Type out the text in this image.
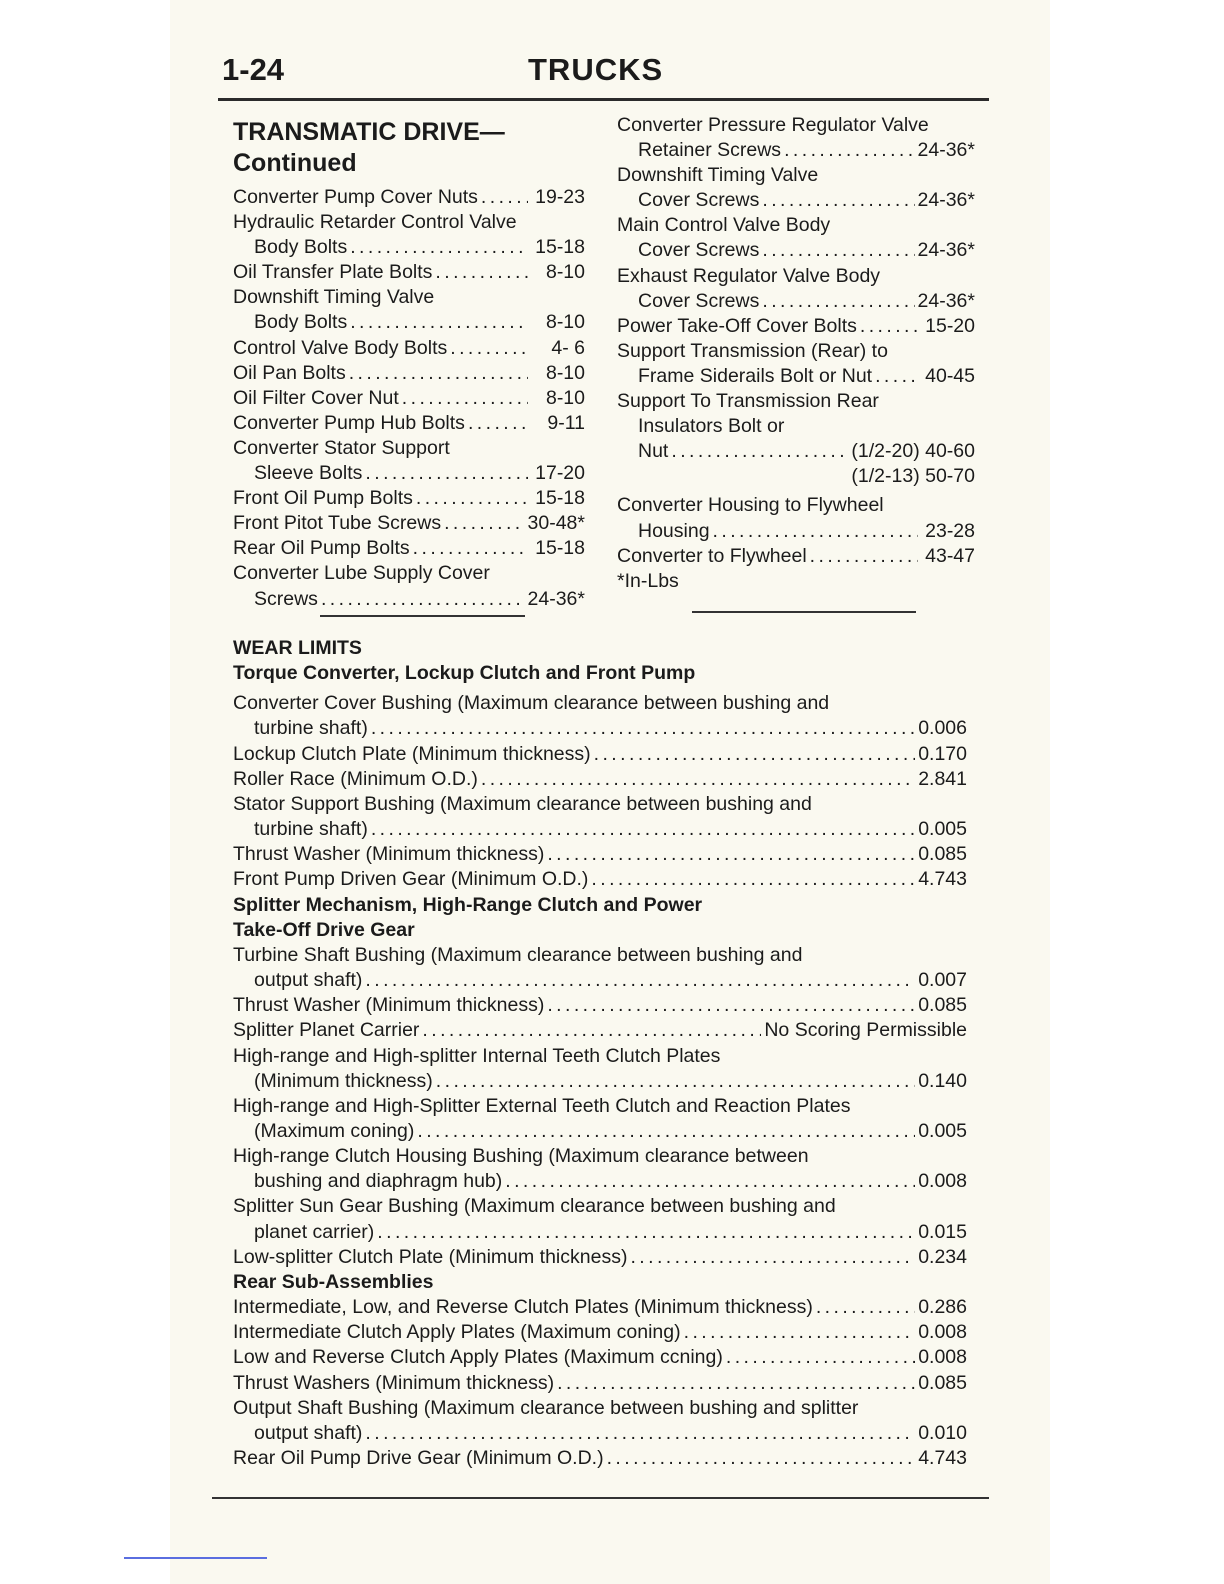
1-24	TRUCKS
TRANSMATIC DRIVE—
Continued
Converter Pump Cover Nuts . . .	19-23
Hydraulic Retarder Control Valve
Body Bolts . . .	15-18
Oil Transfer Plate Bolts . . .	8-10
Downshift Timing Valve
Body Bolts . . .	8-10
Control Valve Body Bolts . . .	4- 6
Oil Pan Bolts . . .	8-10
Oil Filter Cover Nut . . .	8-10
Converter Pump Hub Bolts . . .	9-11
Converter Stator Support
Sleeve Bolts . . .	17-20
Front Oil Pump Bolts . . .	15-18
Front Pitot Tube Screws . . .	30-48*
Rear Oil Pump Bolts . . .	15-18
Converter Lube Supply Cover
Screws . . .	24-36*
Converter Pressure Regulator Valve
Retainer Screws . . .	24-36*
Downshift Timing Valve
Cover Screws . . .	24-36*
Main Control Valve Body
Cover Screws . . .	24-36*
Exhaust Regulator Valve Body
Cover Screws . . .	24-36*
Power Take-Off Cover Bolts . . .	15-20
Support Transmission (Rear) to
Frame Siderails Bolt or Nut . . .	40-45
Support To Transmission Rear
Insulators Bolt or
Nut . . .	(1/2-20) 40-60
(1/2-13) 50-70
Converter Housing to Flywheel
Housing . . .	23-28
Converter to Flywheel . . .	43-47
*In-Lbs
WEAR LIMITS
Torque Converter, Lockup Clutch and Front Pump
Converter Cover Bushing (Maximum clearance between bushing and
turbine shaft) . . .	0.006
Lockup Clutch Plate (Minimum thickness) . . .	0.170
Roller Race (Minimum O.D.) . . .	2.841
Stator Support Bushing (Maximum clearance between bushing and
turbine shaft) . . .	0.005
Thrust Washer (Minimum thickness) . . .	0.085
Front Pump Driven Gear (Minimum O.D.) . . .	4.743
Splitter Mechanism, High-Range Clutch and Power
Take-Off Drive Gear
Turbine Shaft Bushing (Maximum clearance between bushing and
output shaft) . . .	0.007
Thrust Washer (Minimum thickness) . . .	0.085
Splitter Planet Carrier . . .	No Scoring Permissible
High-range and High-splitter Internal Teeth Clutch Plates
(Minimum thickness) . . .	0.140
High-range and High-Splitter External Teeth Clutch and Reaction Plates
(Maximum coning) . . .	0.005
High-range Clutch Housing Bushing (Maximum clearance between
bushing and diaphragm hub) . . .	0.008
Splitter Sun Gear Bushing (Maximum clearance between bushing and
planet carrier) . . .	0.015
Low-splitter Clutch Plate (Minimum thickness) . . .	0.234
Rear Sub-Assemblies
Intermediate, Low, and Reverse Clutch Plates (Minimum thickness) . . .	0.286
Intermediate Clutch Apply Plates (Maximum coning) . . .	0.008
Low and Reverse Clutch Apply Plates (Maximum ccning) . . .	0.008
Thrust Washers (Minimum thickness) . . .	0.085
Output Shaft Bushing (Maximum clearance between bushing and splitter
output shaft) . . .	0.010
Rear Oil Pump Drive Gear (Minimum O.D.) . . .	4.743
